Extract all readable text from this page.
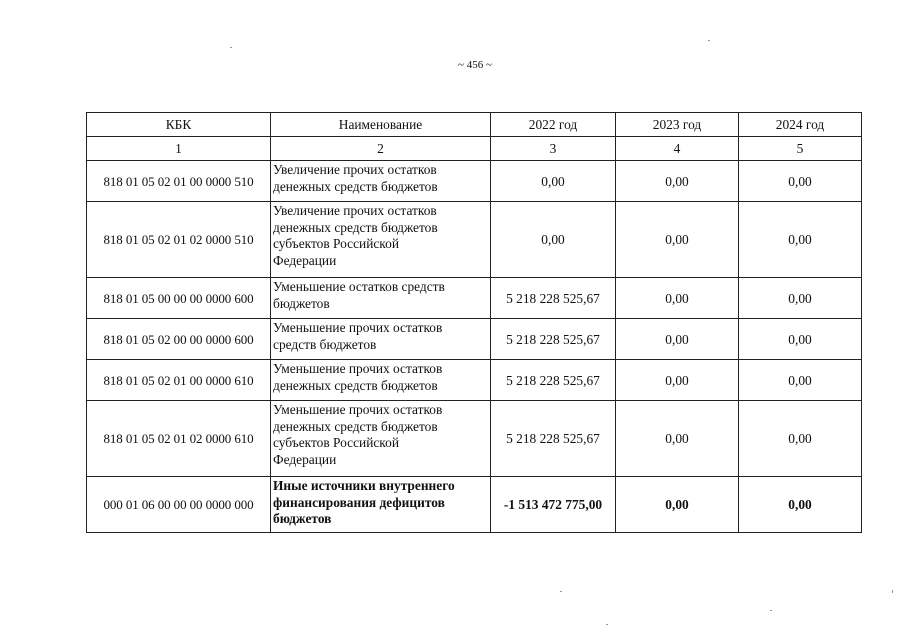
~ 456 ~
КБК	Наименование	2022 год	2023 год	2024 год
1	2	3	4	5
818 01 05 02 01 00 0000 510	Увеличение прочих остатков
денежных средств бюджетов	0,00	0,00	0,00
818 01 05 02 01 02 0000 510	Увеличение прочих остатков
денежных средств бюджетов
субъектов Российской
Федерации	0,00	0,00	0,00
818 01 05 00 00 00 0000 600	Уменьшение остатков средств
бюджетов	5 218 228 525,67	0,00	0,00
818 01 05 02 00 00 0000 600	Уменьшение прочих остатков
средств бюджетов	5 218 228 525,67	0,00	0,00
818 01 05 02 01 00 0000 610	Уменьшение прочих остатков
денежных средств бюджетов	5 218 228 525,67	0,00	0,00
818 01 05 02 01 02 0000 610	Уменьшение прочих остатков
денежных средств бюджетов
субъектов Российской
Федерации	5 218 228 525,67	0,00	0,00
000 01 06 00 00 00 0000 000	Иные источники внутреннего
финансирования дефицитов
бюджетов	-1 513 472 775,00	0,00	0,00
